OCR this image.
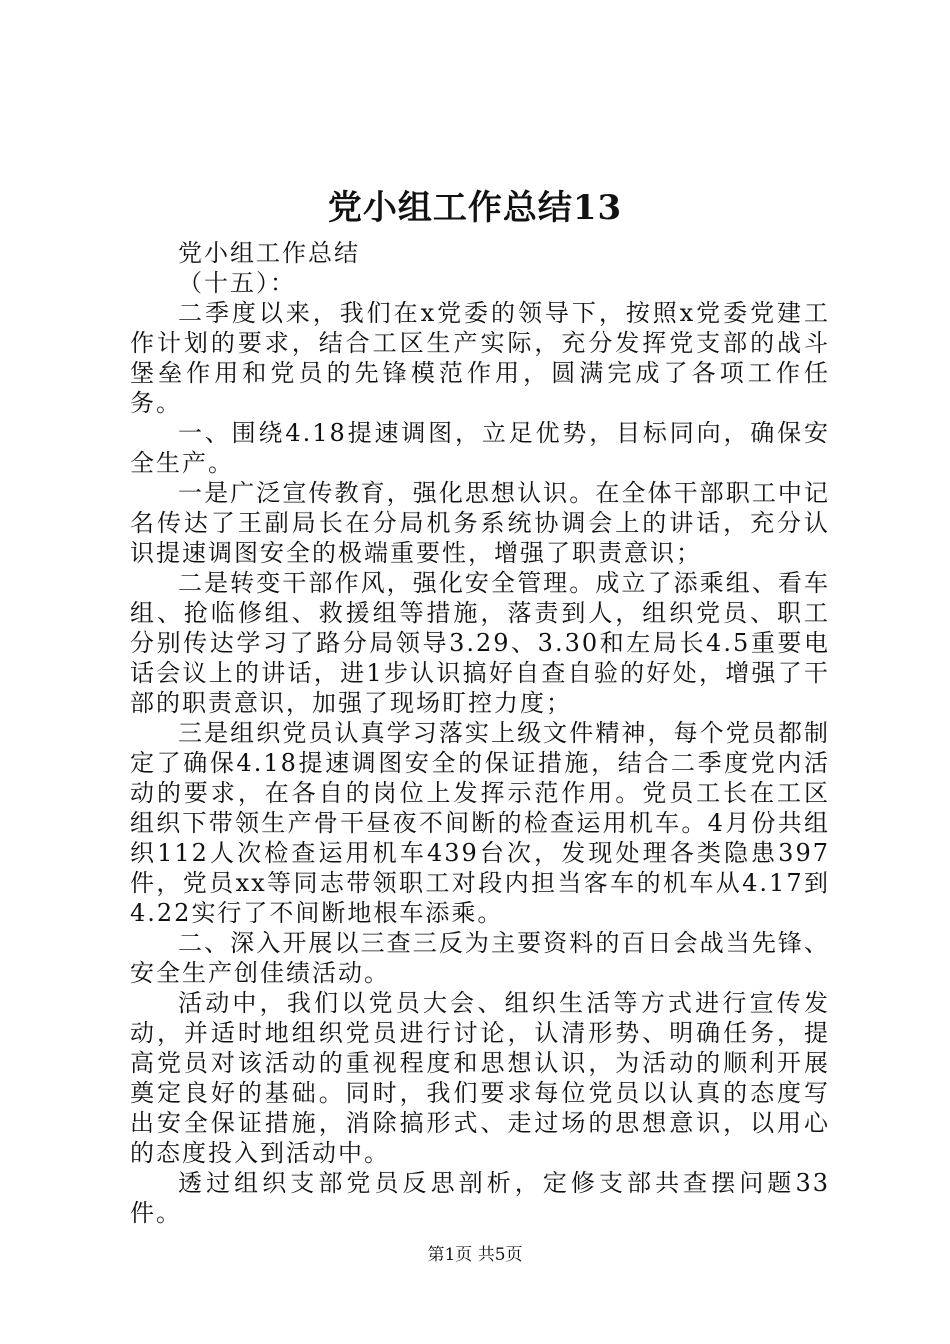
党小组工作总结13

党小组工作总结

（十五）：

二季度以来，我们在x党委的领导下，按照x党委党建工作计划的要求，结合工区生产实际，充分发挥党支部的战斗堡垒作用和党员的先锋模范作用，圆满完成了各项工作任务。

一、围绕4.18提速调图，立足优势，目标同向，确保安全生产。

一是广泛宣传教育，强化思想认识。在全体干部职工中记名传达了王副局长在分局机务系统协调会上的讲话，充分认识提速调图安全的极端重要性，增强了职责意识；

二是转变干部作风，强化安全管理。成立了添乘组、看车组、抢临修组、救援组等措施，落责到人，组织党员、职工分别传达学习了路分局领导3.29、3.30和左局长4.5重要电话会议上的讲话，进1步认识搞好自查自验的好处，增强了干部的职责意识，加强了现场盯控力度；

三是组织党员认真学习落实上级文件精神，每个党员都制定了确保4.18提速调图安全的保证措施，结合二季度党内活动的要求，在各自的岗位上发挥示范作用。党员工长在工区组织下带领生产骨干昼夜不间断的检查运用机车。4月份共组织112人次检查运用机车439台次，发现处理各类隐患397件，党员xx等同志带领职工对段内担当客车的机车从4.17到4.22实行了不间断地根车添乘。

二、深入开展以三查三反为主要资料的百日会战当先锋、安全生产创佳绩活动。

活动中，我们以党员大会、组织生活等方式进行宣传发动，并适时地组织党员进行讨论，认清形势、明确任务，提高党员对该活动的重视程度和思想认识，为活动的顺利开展奠定良好的基础。同时，我们要求每位党员以认真的态度写出安全保证措施，消除搞形式、走过场的思想意识，以用心的态度投入到活动中。

透过组织支部党员反思剖析，定修支部共查摆问题33件。

第1页 共5页
